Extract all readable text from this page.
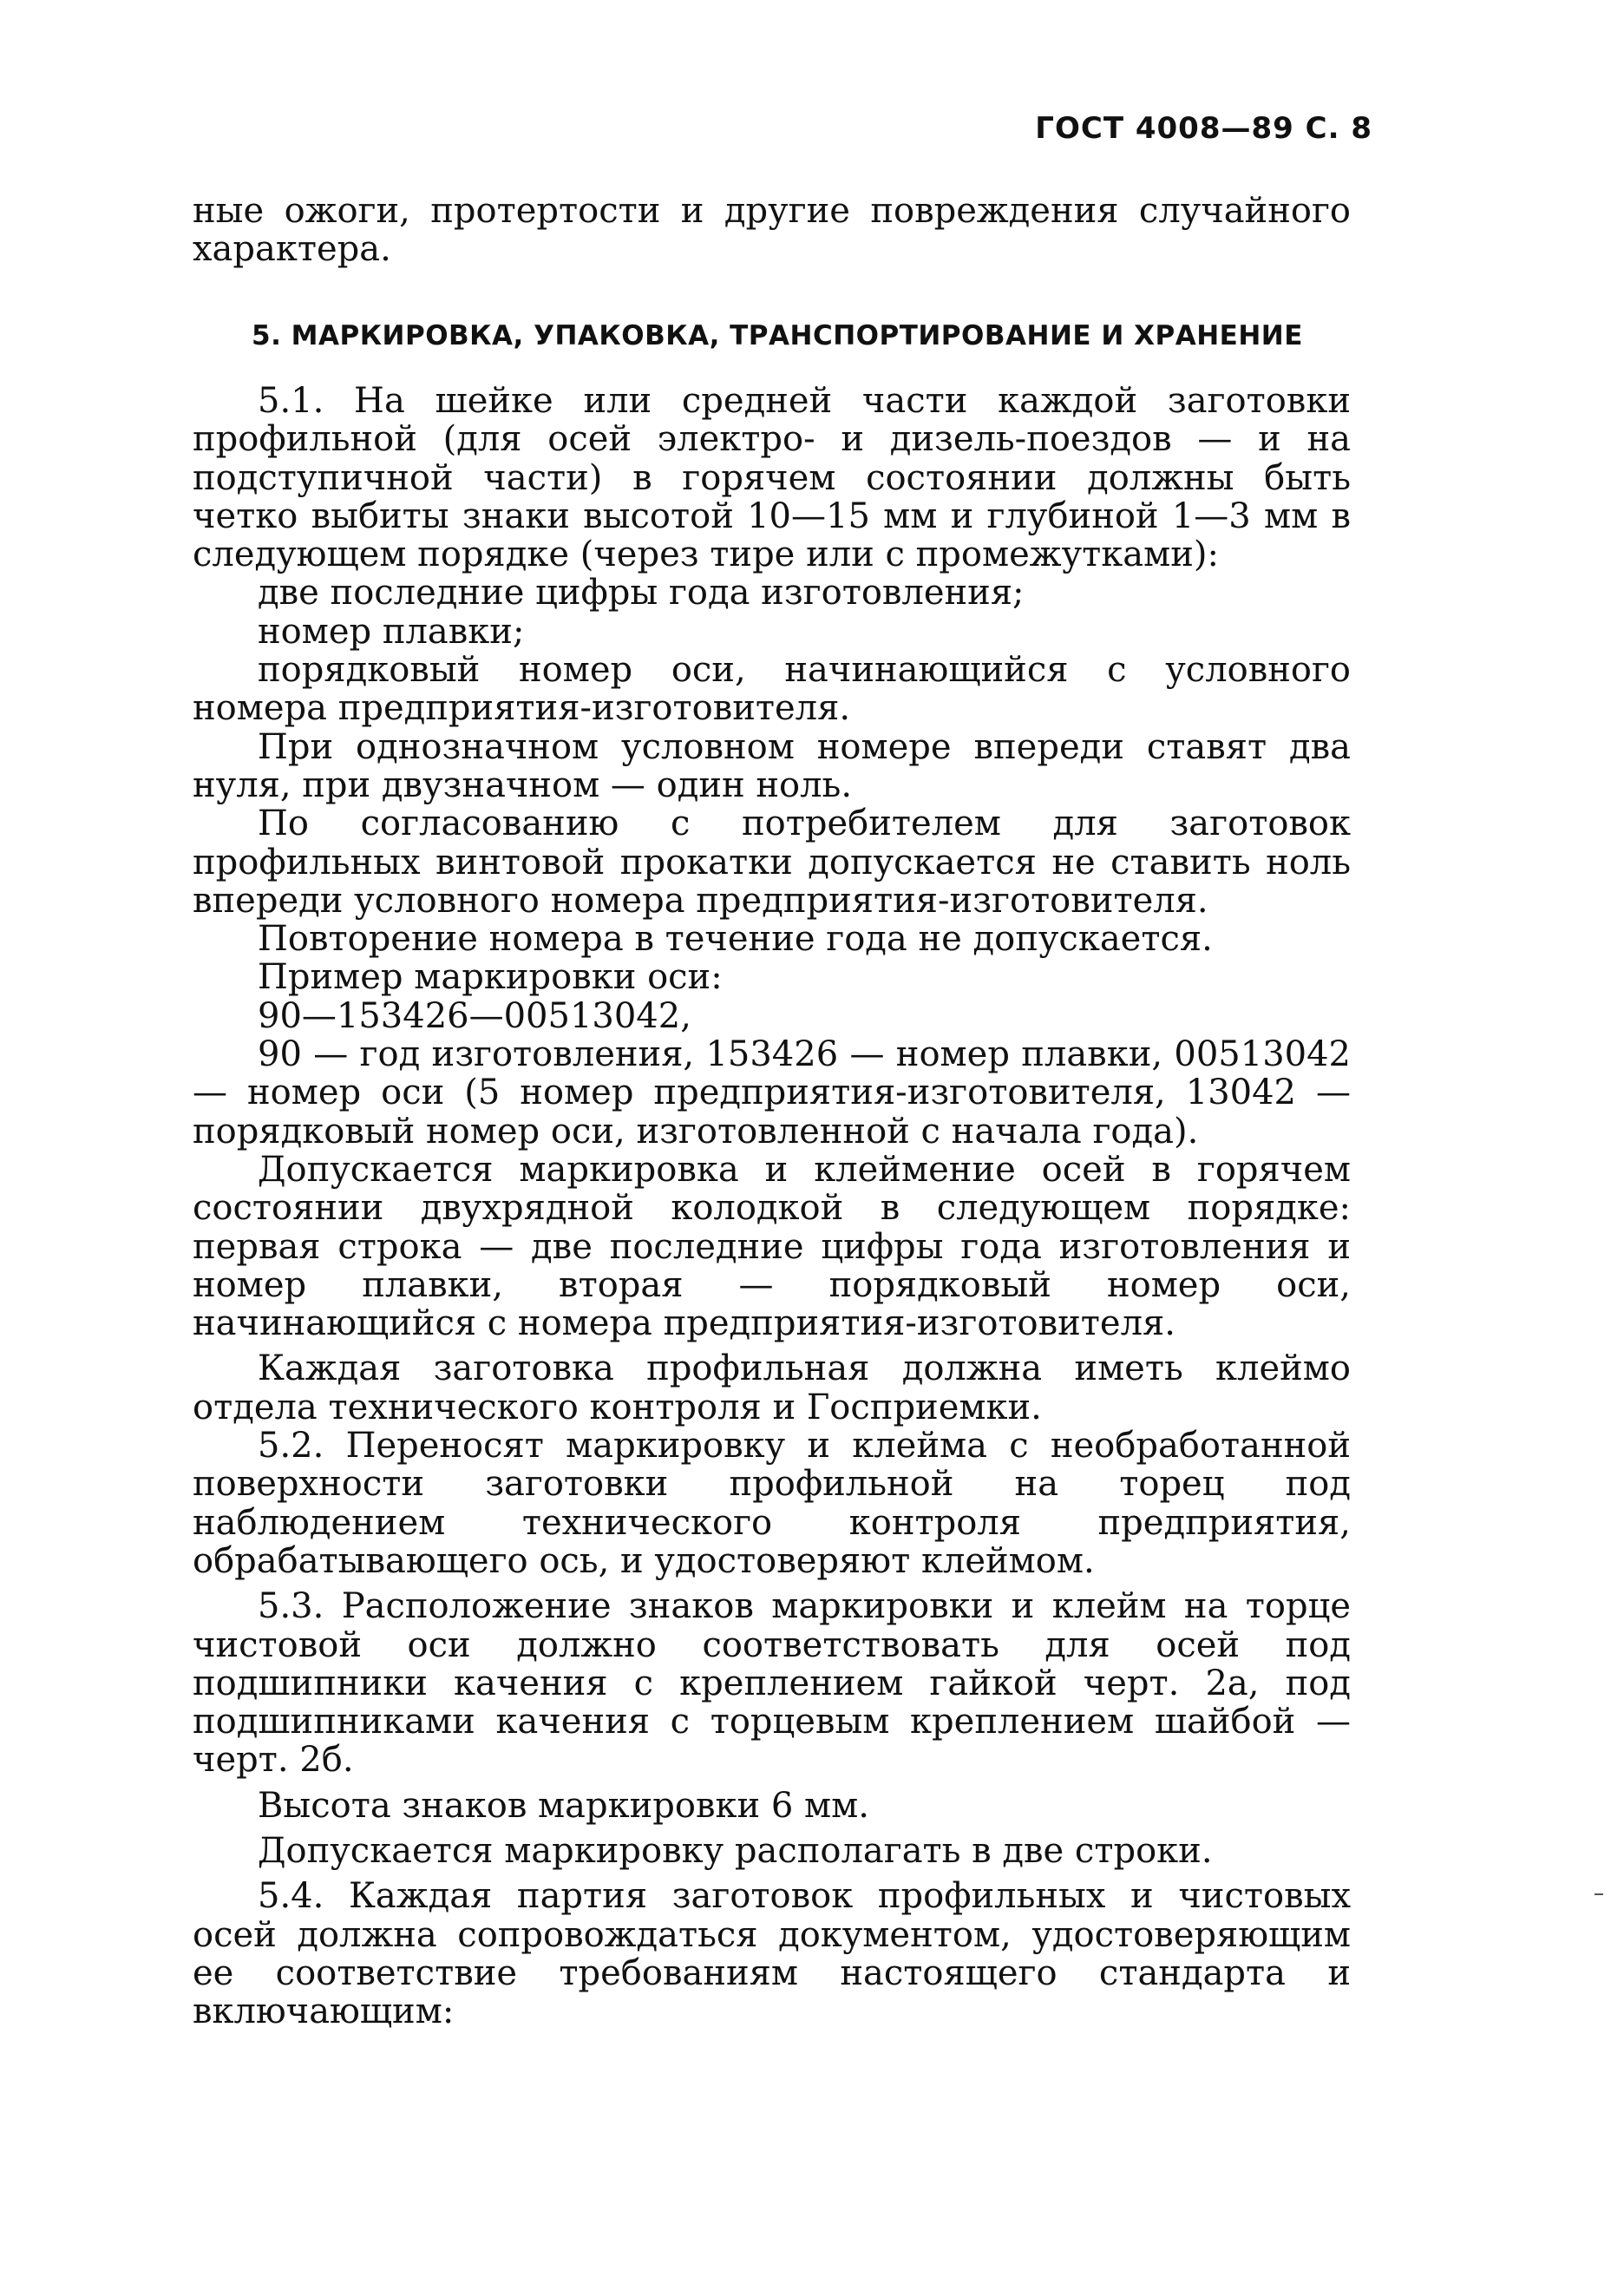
ГОСТ 4008—89 С. 8

ные ожоги, протертости и другие повреждения случайного характера.

5. МАРКИРОВКА, УПАКОВКА, ТРАНСПОРТИРОВАНИЕ И ХРАНЕНИЕ

5.1. На шейке или средней части каждой заготовки профильной (для осей электро- и дизель-поездов — и на подступичной части) в горячем состоянии должны быть четко выбиты знаки высотой 10—15 мм и глубиной 1—3 мм в следующем порядке (через тире или с промежутками):

две последние цифры года изготовления;

номер плавки;

порядковый номер оси, начинающийся с условного номера предприятия-изготовителя.

При однозначном условном номере впереди ставят два нуля, при двузначном — один ноль.

По согласованию с потребителем для заготовок профильных винтовой прокатки допускается не ставить ноль впереди условного номера предприятия-изготовителя.

Повторение номера в течение года не допускается.

Пример маркировки оси:

90—153426—00513042,

90 — год изготовления, 153426 — номер плавки, 00513042 — номер оси (5 номер предприятия-изготовителя, 13042 — порядковый номер оси, изготовленной с начала года).

Допускается маркировка и клеймение осей в горячем состоянии двухрядной колодкой в следующем порядке: первая строка — две последние цифры года изготовления и номер плавки, вторая — порядковый номер оси, начинающийся с номера предприятия-изготовителя.

Каждая заготовка профильная должна иметь клеймо отдела технического контроля и Госприемки.

5.2. Переносят маркировку и клейма с необработанной поверхности заготовки профильной на торец под наблюдением технического контроля предприятия, обрабатывающего ось, и удостоверяют клеймом.

5.3. Расположение знаков маркировки и клейм на торце чистовой оси должно соответствовать для осей под подшипники качения с креплением гайкой черт. 2а, под подшипниками качения с торцевым креплением шайбой — черт. 2б.

Высота знаков маркировки 6 мм.

Допускается маркировку располагать в две строки.

5.4. Каждая партия заготовок профильных и чистовых осей должна сопровождаться документом, удостоверяющим ее соответствие требованиям настоящего стандарта и включающим:
